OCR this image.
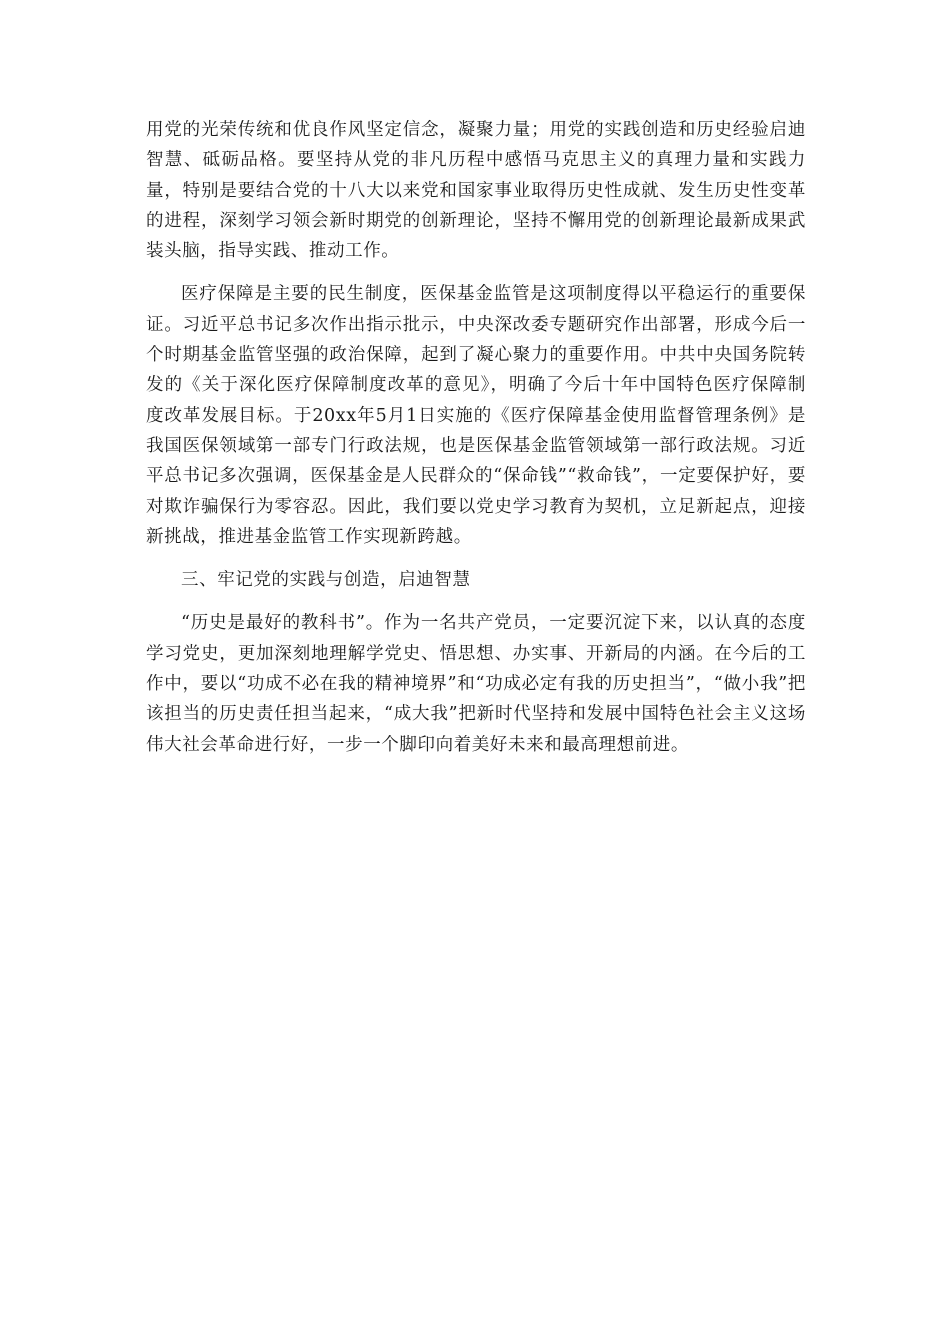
用党的光荣传统和优良作风坚定信念，凝聚力量；用党的实践创造和历史经验启迪智慧、砥砺品格。要坚持从党的非凡历程中感悟马克思主义的真理力量和实践力量，特别是要结合党的十八大以来党和国家事业取得历史性成就、发生历史性变革的进程，深刻学习领会新时期党的创新理论，坚持不懈用党的创新理论最新成果武装头脑，指导实践、推动工作。

医疗保障是主要的民生制度，医保基金监管是这项制度得以平稳运行的重要保证。习近平总书记多次作出指示批示，中央深改委专题研究作出部署，形成今后一个时期基金监管坚强的政治保障，起到了凝心聚力的重要作用。中共中央国务院转发的《关于深化医疗保障制度改革的意见》，明确了今后十年中国特色医疗保障制度改革发展目标。于20xx年5月1日实施的《医疗保障基金使用监督管理条例》是我国医保领域第一部专门行政法规，也是医保基金监管领域第一部行政法规。习近平总书记多次强调，医保基金是人民群众的“保命钱”“救命钱”，一定要保护好，要对欺诈骗保行为零容忍。因此，我们要以党史学习教育为契机，立足新起点，迎接新挑战，推进基金监管工作实现新跨越。

三、牢记党的实践与创造，启迪智慧

“历史是最好的教科书”。作为一名共产党员，一定要沉淀下来，以认真的态度学习党史，更加深刻地理解学党史、悟思想、办实事、开新局的内涵。在今后的工作中，要以“功成不必在我的精神境界”和“功成必定有我的历史担当”，“做小我”把该担当的历史责任担当起来，“成大我”把新时代坚持和发展中国特色社会主义这场伟大社会革命进行好，一步一个脚印向着美好未来和最高理想前进。
